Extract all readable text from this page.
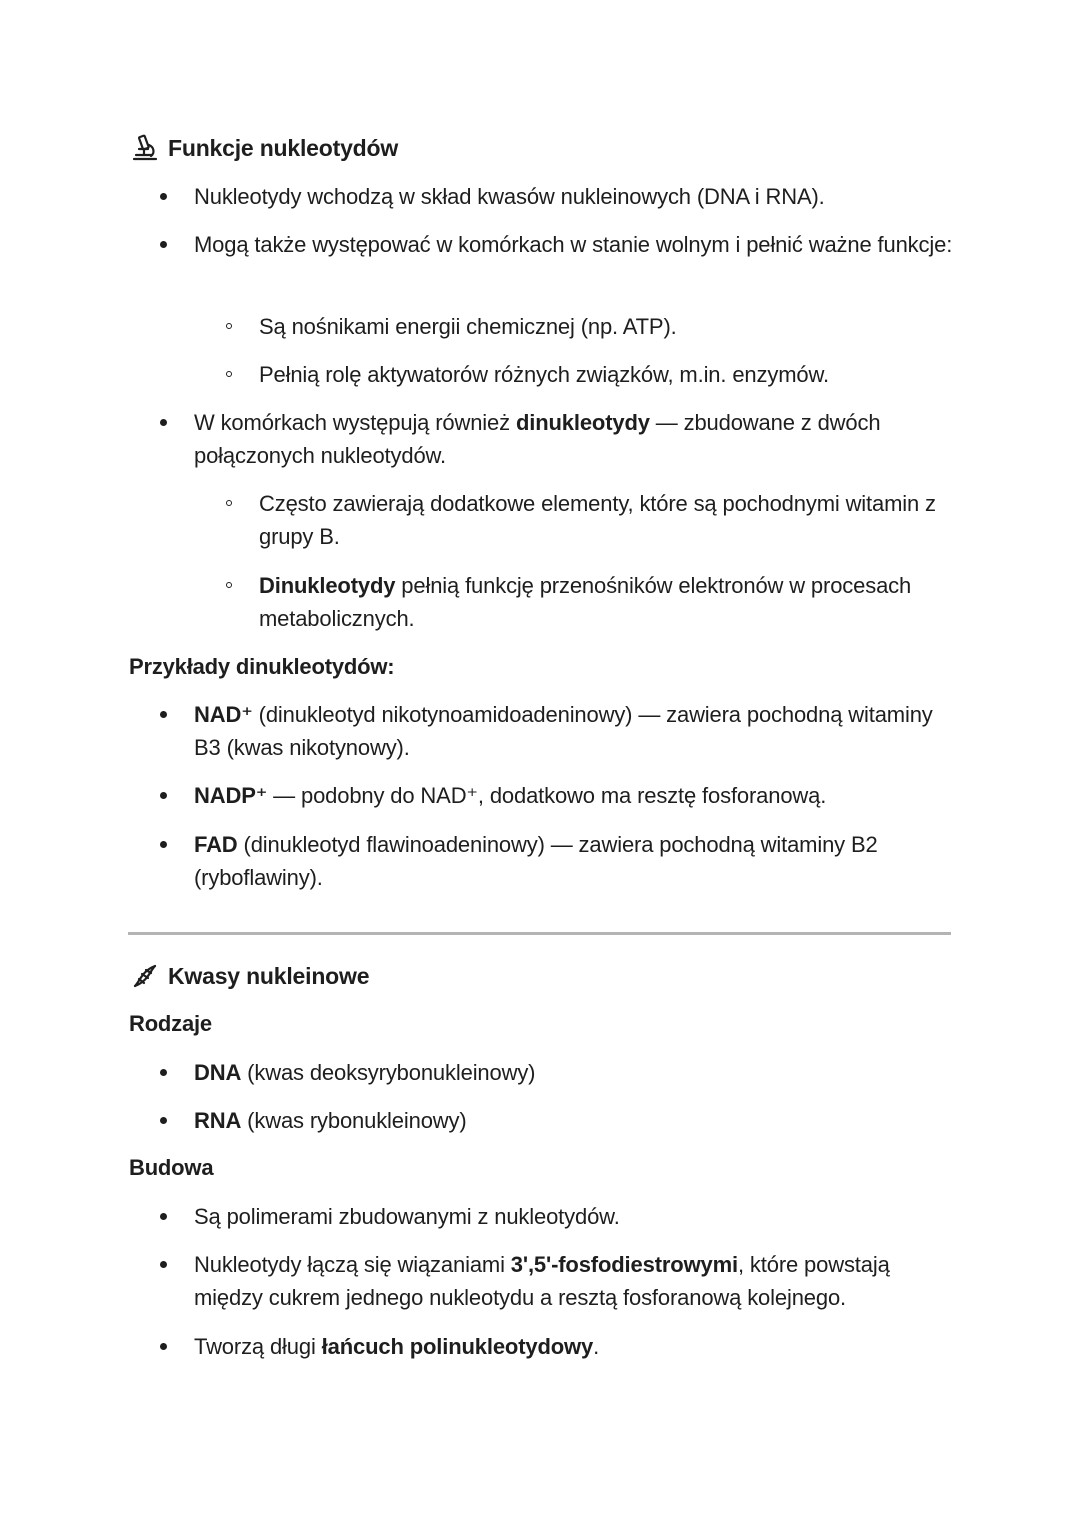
Funkcje nukleotydów
Nukleotydy wchodzą w skład kwasów nukleinowych (DNA i RNA).
Mogą także występować w komórkach w stanie wolnym i pełnić ważne funkcje:
Są nośnikami energii chemicznej (np. ATP).
Pełnią rolę aktywatorów różnych związków, m.in. enzymów.
W komórkach występują również dinukleotydy — zbudowane z dwóch połączonych nukleotydów.
Często zawierają dodatkowe elementy, które są pochodnymi witamin z grupy B.
Dinukleotydy pełnią funkcję przenośników elektronów w procesach metabolicznych.
Przykłady dinukleotydów:
NAD⁺ (dinukleotyd nikotynoamidoadeninowy) — zawiera pochodną witaminy B3 (kwas nikotynowy).
NADP⁺ — podobny do NAD⁺, dodatkowo ma resztę fosforanową.
FAD (dinukleotyd flawinoadeninowy) — zawiera pochodną witaminy B2 (ryboflawiny).
Kwasy nukleinowe
Rodzaje
DNA (kwas deoksyrybonukleinowy)
RNA (kwas rybonukleinowy)
Budowa
Są polimerami zbudowanymi z nukleotydów.
Nukleotydy łączą się wiązaniami 3',5'-fosfodiestrowymi, które powstają między cukrem jednego nukleotydu a resztą fosforanową kolejnego.
Tworzą długi łańcuch polinukleotydowy.
